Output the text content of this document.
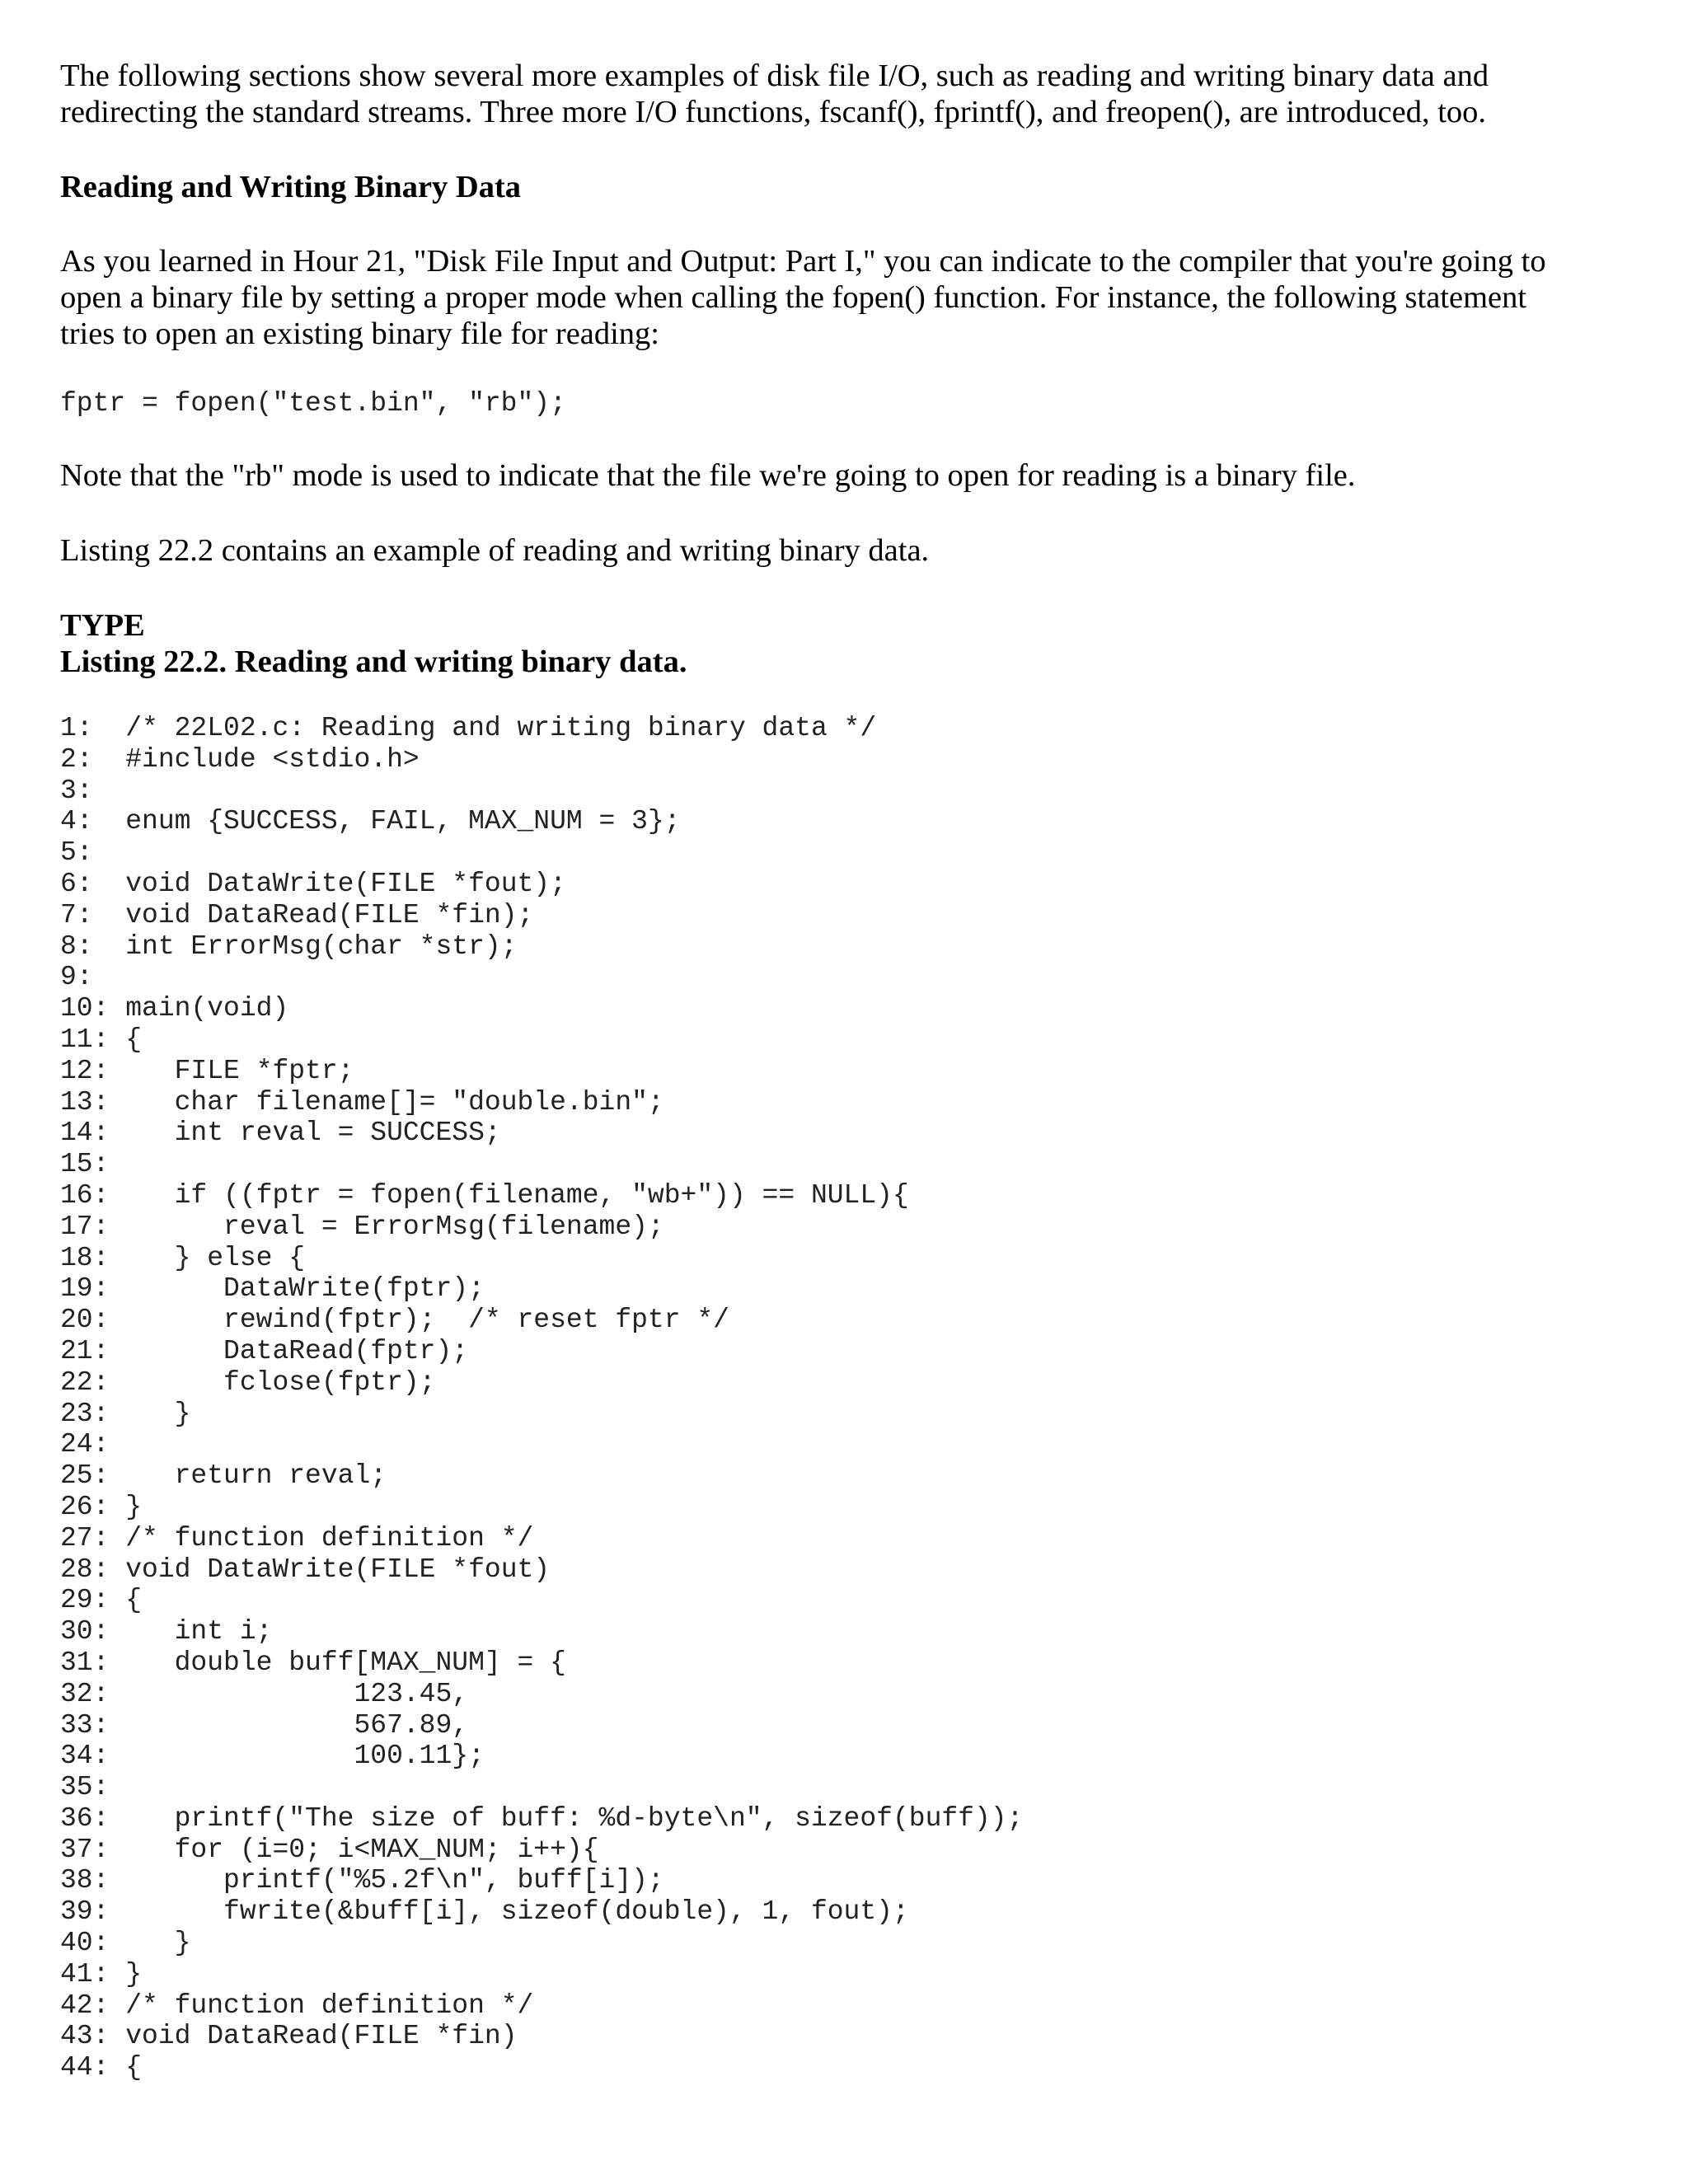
The following sections show several more examples of disk file I/O, such as reading and writing binary data and
redirecting the standard streams. Three more I/O functions, fscanf(), fprintf(), and freopen(), are introduced, too.

Reading and Writing Binary Data

As you learned in Hour 21, "Disk File Input and Output: Part I," you can indicate to the compiler that you're going to
open a binary file by setting a proper mode when calling the fopen() function. For instance, the following statement
tries to open an existing binary file for reading:

fptr = fopen("test.bin", "rb");

Note that the "rb" mode is used to indicate that the file we're going to open for reading is a binary file.

Listing 22.2 contains an example of reading and writing binary data.

TYPE

Listing 22.2. Reading and writing binary data.

1:  /* 22L02.c: Reading and writing binary data */
2:  #include <stdio.h>
3:
4:  enum {SUCCESS, FAIL, MAX_NUM = 3};
5:
6:  void DataWrite(FILE *fout);
7:  void DataRead(FILE *fin);
8:  int ErrorMsg(char *str);
9:
10: main(void)
11: {
12:    FILE *fptr;
13:    char filename[]= "double.bin";
14:    int reval = SUCCESS;
15:
16:    if ((fptr = fopen(filename, "wb+")) == NULL){
17:       reval = ErrorMsg(filename);
18:    } else {
19:       DataWrite(fptr);
20:       rewind(fptr);  /* reset fptr */
21:       DataRead(fptr);
22:       fclose(fptr);
23:    }
24:
25:    return reval;
26: }
27: /* function definition */
28: void DataWrite(FILE *fout)
29: {
30:    int i;
31:    double buff[MAX_NUM] = {
32:               123.45,
33:               567.89,
34:               100.11};
35:
36:    printf("The size of buff: %d-byte\n", sizeof(buff));
37:    for (i=0; i<MAX_NUM; i++){
38:       printf("%5.2f\n", buff[i]);
39:       fwrite(&buff[i], sizeof(double), 1, fout);
40:    }
41: }
42: /* function definition */
43: void DataRead(FILE *fin)
44: {
